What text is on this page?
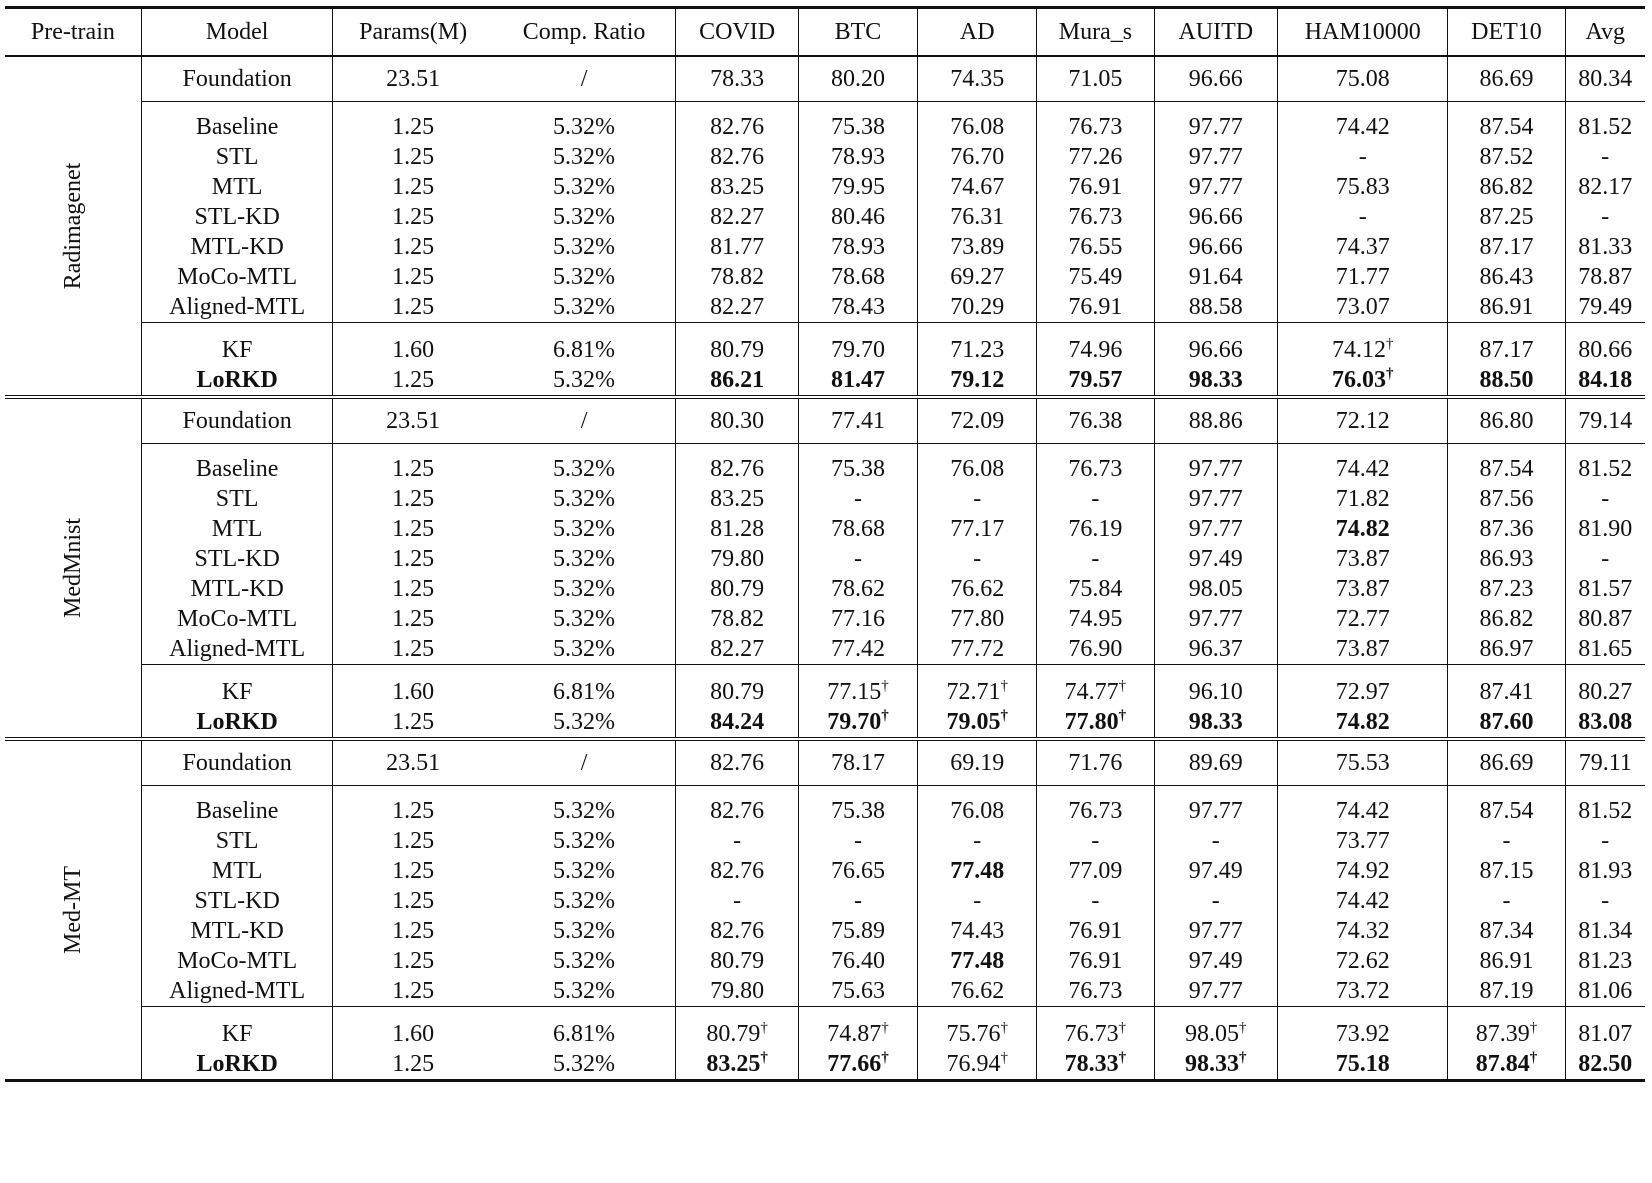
Pre-train	Model	Params(M)	Comp. Ratio	COVID	BTC	AD	Mura_s	AUITD	HAM10000	DET10	Avg

Radimagenet	Foundation	23.51	/	78.33	80.20	74.35	71.05	96.66	75.08	86.69	80.34
	Baseline	1.25	5.32%	82.76	75.38	76.08	76.73	97.77	74.42	87.54	81.52
	STL	1.25	5.32%	82.76	78.93	76.70	77.26	97.77	-	87.52	-
	MTL	1.25	5.32%	83.25	79.95	74.67	76.91	97.77	75.83	86.82	82.17
	STL-KD	1.25	5.32%	82.27	80.46	76.31	76.73	96.66	-	87.25	-
	MTL-KD	1.25	5.32%	81.77	78.93	73.89	76.55	96.66	74.37	87.17	81.33
	MoCo-MTL	1.25	5.32%	78.82	78.68	69.27	75.49	91.64	71.77	86.43	78.87
	Aligned-MTL	1.25	5.32%	82.27	78.43	70.29	76.91	88.58	73.07	86.91	79.49
	KF	1.60	6.81%	80.79	79.70	71.23	74.96	96.66	74.12†	87.17	80.66
	LoRKD	1.25	5.32%	86.21	81.47	79.12	79.57	98.33	76.03†	88.50	84.18

MedMnist	Foundation	23.51	/	80.30	77.41	72.09	76.38	88.86	72.12	86.80	79.14
	Baseline	1.25	5.32%	82.76	75.38	76.08	76.73	97.77	74.42	87.54	81.52
	STL	1.25	5.32%	83.25	-	-	-	97.77	71.82	87.56	-
	MTL	1.25	5.32%	81.28	78.68	77.17	76.19	97.77	74.82	87.36	81.90
	STL-KD	1.25	5.32%	79.80	-	-	-	97.49	73.87	86.93	-
	MTL-KD	1.25	5.32%	80.79	78.62	76.62	75.84	98.05	73.87	87.23	81.57
	MoCo-MTL	1.25	5.32%	78.82	77.16	77.80	74.95	97.77	72.77	86.82	80.87
	Aligned-MTL	1.25	5.32%	82.27	77.42	77.72	76.90	96.37	73.87	86.97	81.65
	KF	1.60	6.81%	80.79	77.15†	72.71†	74.77†	96.10	72.97	87.41	80.27
	LoRKD	1.25	5.32%	84.24	79.70†	79.05†	77.80†	98.33	74.82	87.60	83.08

Med-MT	Foundation	23.51	/	82.76	78.17	69.19	71.76	89.69	75.53	86.69	79.11
	Baseline	1.25	5.32%	82.76	75.38	76.08	76.73	97.77	74.42	87.54	81.52
	STL	1.25	5.32%	-	-	-	-	-	73.77	-	-
	MTL	1.25	5.32%	82.76	76.65	77.48	77.09	97.49	74.92	87.15	81.93
	STL-KD	1.25	5.32%	-	-	-	-	-	74.42	-	-
	MTL-KD	1.25	5.32%	82.76	75.89	74.43	76.91	97.77	74.32	87.34	81.34
	MoCo-MTL	1.25	5.32%	80.79	76.40	77.48	76.91	97.49	72.62	86.91	81.23
	Aligned-MTL	1.25	5.32%	79.80	75.63	76.62	76.73	97.77	73.72	87.19	81.06
	KF	1.60	6.81%	80.79†	74.87†	75.76†	76.73†	98.05†	73.92	87.39†	81.07
	LoRKD	1.25	5.32%	83.25†	77.66†	76.94†	78.33†	98.33†	75.18	87.84†	82.50
